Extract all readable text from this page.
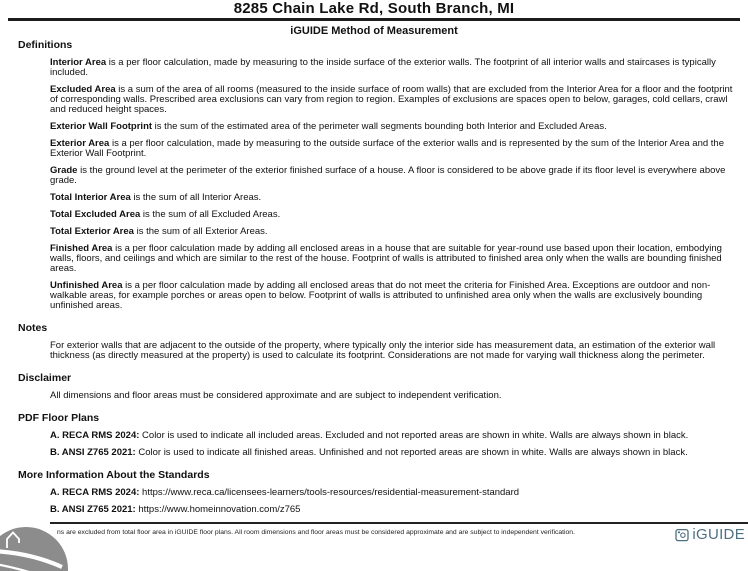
8285 Chain Lake Rd, South Branch, MI
iGUIDE Method of Measurement
Definitions

Interior Area is a per floor calculation, made by measuring to the inside surface of the exterior walls. The footprint of all interior walls and staircases is typically included.

Excluded Area is a sum of the area of all rooms (measured to the inside surface of room walls) that are excluded from the Interior Area for a floor and the footprint of corresponding walls. Prescribed area exclusions can vary from region to region. Examples of exclusions are spaces open to below, garages, cold cellars, crawl and reduced height spaces.

Exterior Wall Footprint is the sum of the estimated area of the perimeter wall segments bounding both Interior and Excluded Areas.

Exterior Area is a per floor calculation, made by measuring to the outside surface of the exterior walls and is represented by the sum of the Interior Area and the Exterior Wall Footprint.

Grade is the ground level at the perimeter of the exterior finished surface of a house. A floor is considered to be above grade if its floor level is everywhere above grade.

Total Interior Area is the sum of all Interior Areas.

Total Excluded Area is the sum of all Excluded Areas.

Total Exterior Area is the sum of all Exterior Areas.

Finished Area is a per floor calculation made by adding all enclosed areas in a house that are suitable for year-round use based upon their location, embodying walls, floors, and ceilings and which are similar to the rest of the house. Footprint of walls is attributed to finished area only when the walls are bounding finished areas.

Unfinished Area is a per floor calculation made by adding all enclosed areas that do not meet the criteria for Finished Area. Exceptions are outdoor and non-walkable areas, for example porches or areas open to below. Footprint of walls is attributed to unfinished area only when the walls are exclusively bounding unfinished areas.

Notes

For exterior walls that are adjacent to the outside of the property, where typically only the interior side has measurement data, an estimation of the exterior wall thickness (as directly measured at the property) is used to calculate its footprint. Considerations are not made for varying wall thickness along the perimeter.

Disclaimer

All dimensions and floor areas must be considered approximate and are subject to independent verification.

PDF Floor Plans

A. RECA RMS 2024: Color is used to indicate all included areas. Excluded and not reported areas are shown in white. Walls are always shown in black.

B. ANSI Z765 2021: Color is used to indicate all finished areas. Unfinished and not reported areas are shown in white. Walls are always shown in black.

More Information About the Standards

A. RECA RMS 2024: https://www.reca.ca/licensees-learners/tools-resources/residential-measurement-standard

B. ANSI Z765 2021: https://www.homeinnovation.com/z765

ns are excluded from total floor area in iGUIDE floor plans. All room dimensions and floor areas must be considered approximate and are subject to independent verification.	iGUIDE
